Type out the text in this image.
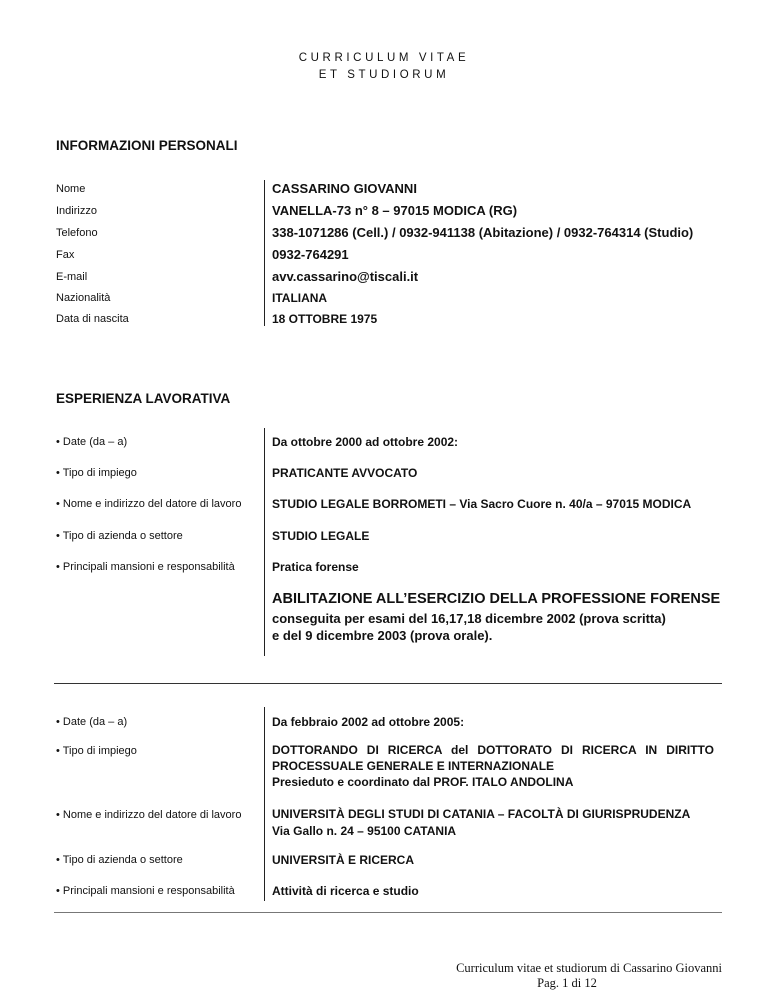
CURRICULUM VITAE
ET STUDIORUM
INFORMAZIONI PERSONALI
Nome	CASSARINO GIOVANNI
Indirizzo	VANELLA-73 n° 8 – 97015 MODICA (RG)
Telefono	338-1071286 (Cell.) / 0932-941138 (Abitazione) / 0932-764314 (Studio)
Fax	0932-764291
E-mail	avv.cassarino@tiscali.it
Nazionalità	ITALIANA
Data di nascita	18 OTTOBRE 1975
ESPERIENZA LAVORATIVA
• Date (da – a)	Da ottobre 2000 ad ottobre 2002:
• Tipo di impiego	PRATICANTE AVVOCATO
• Nome e indirizzo del datore di lavoro	STUDIO LEGALE BORROMETI – Via Sacro Cuore n. 40/a – 97015 MODICA
• Tipo di azienda o settore	STUDIO LEGALE
• Principali mansioni e responsabilità	Pratica forense
ABILITAZIONE ALL’ESERCIZIO DELLA PROFESSIONE FORENSE
conseguita per esami del 16,17,18 dicembre 2002 (prova scritta)
e del 9 dicembre 2003 (prova orale).
• Date (da – a)	Da febbraio 2002 ad ottobre 2005:
• Tipo di impiego	DOTTORANDO DI RICERCA del DOTTORATO DI RICERCA IN DIRITTO
PROCESSUALE GENERALE E INTERNAZIONALE
Presieduto e coordinato dal PROF. ITALO ANDOLINA
• Nome e indirizzo del datore di lavoro	UNIVERSITÀ DEGLI STUDI DI CATANIA – FACOLTÀ DI GIURISPRUDENZA
Via Gallo n. 24 – 95100 CATANIA
• Tipo di azienda o settore	UNIVERSITÀ E RICERCA
• Principali mansioni e responsabilità	Attività di ricerca e studio
Curriculum vitae et studiorum di Cassarino Giovanni
Pag. 1 di 12
